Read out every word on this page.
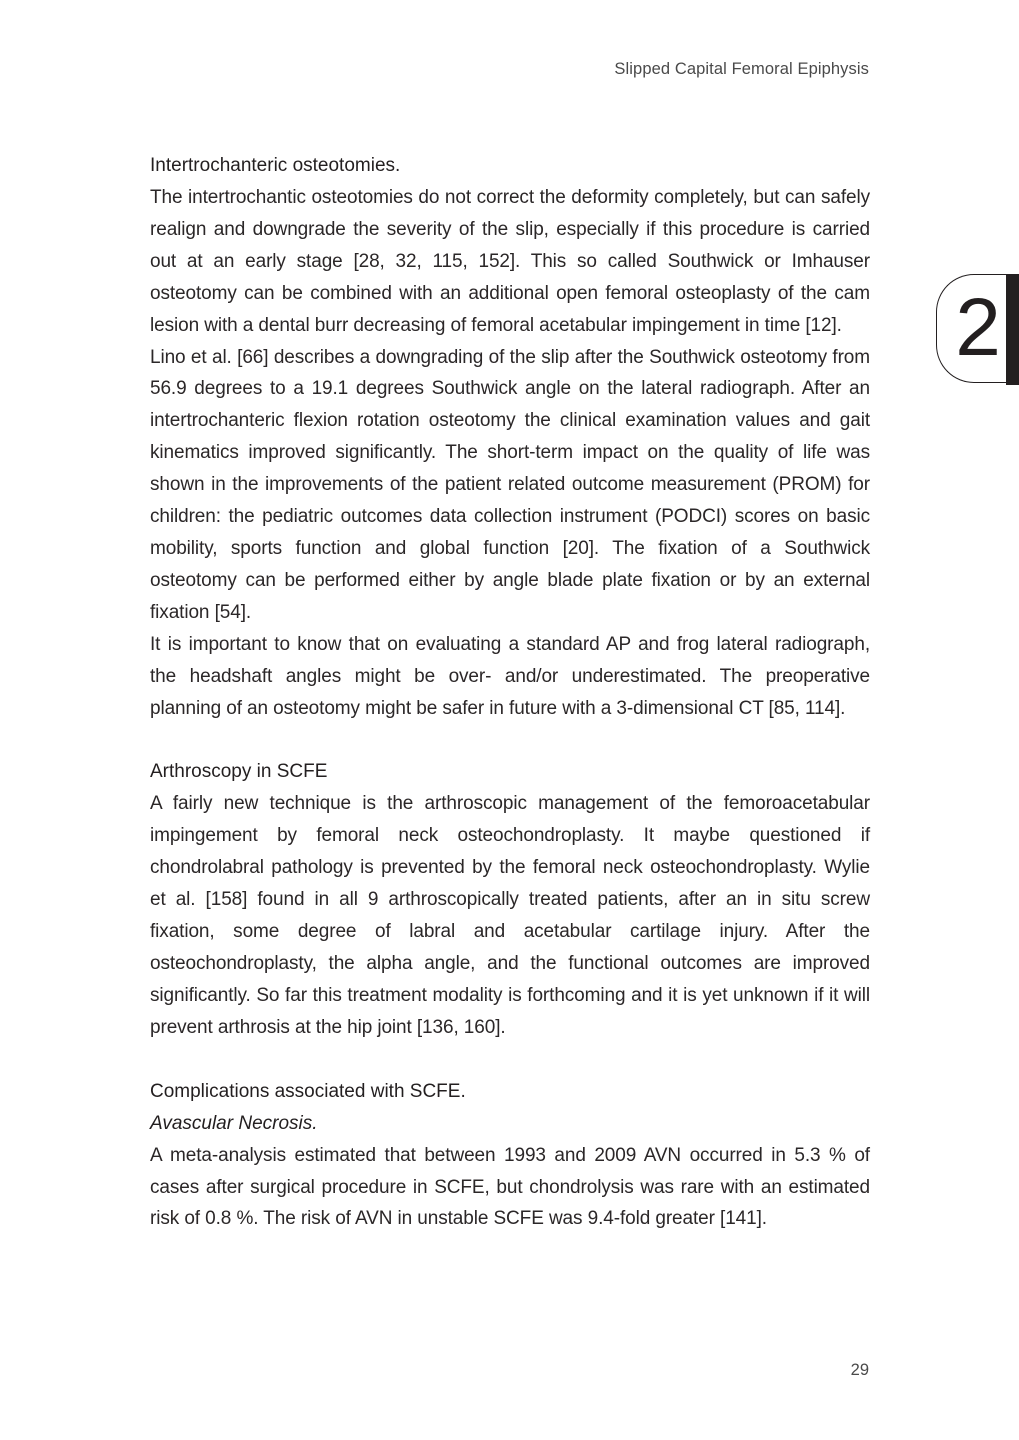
Slipped Capital Femoral Epiphysis
2
Intertrochanteric osteotomies.

The intertrochantic osteotomies do not correct the deformity completely, but can safely realign and downgrade the severity of the slip, especially if this procedure is carried out at an early stage [28, 32, 115, 152]. This so called Southwick or Imhauser osteotomy can be combined with an additional open femoral osteoplasty of the cam lesion with a dental burr decreasing of femoral acetabular impingement in time [12].

Lino et al. [66] describes a downgrading of the slip after the Southwick osteotomy from 56.9 degrees to a 19.1 degrees Southwick angle on the lateral radiograph. After an intertrochanteric flexion rotation osteotomy the clinical examination values and gait kinematics improved significantly. The short-term impact on the quality of life was shown in the improvements of the patient related outcome measurement (PROM) for children: the pediatric outcomes data collection instrument (PODCI) scores on basic mobility, sports function and global function [20]. The fixation of a Southwick osteotomy can be performed either by angle blade plate fixation or by an external fixation [54].

It is important to know that on evaluating a standard AP and frog lateral radiograph, the headshaft angles might be over- and/or underestimated. The preoperative planning of an osteotomy might be safer in future with a 3-dimensional CT [85, 114].

Arthroscopy in SCFE

A fairly new technique is the arthroscopic management of the femoroacetabular impingement by femoral neck osteochondroplasty. It maybe questioned if chondrolabral pathology is prevented by the femoral neck osteochondroplasty. Wylie et al. [158] found in all 9 arthroscopically treated patients, after an in situ screw fixation, some degree of labral and acetabular cartilage injury. After the osteochondroplasty, the alpha angle, and the functional outcomes are improved significantly. So far this treatment modality is forthcoming and it is yet unknown if it will prevent arthrosis at the hip joint [136, 160].

Complications associated with SCFE.

Avascular Necrosis.

A meta-analysis estimated that between 1993 and 2009 AVN occurred in 5.3 % of cases after surgical procedure in SCFE, but chondrolysis was rare with an estimated risk of 0.8 %. The risk of AVN in unstable SCFE was 9.4-fold greater [141].

29
